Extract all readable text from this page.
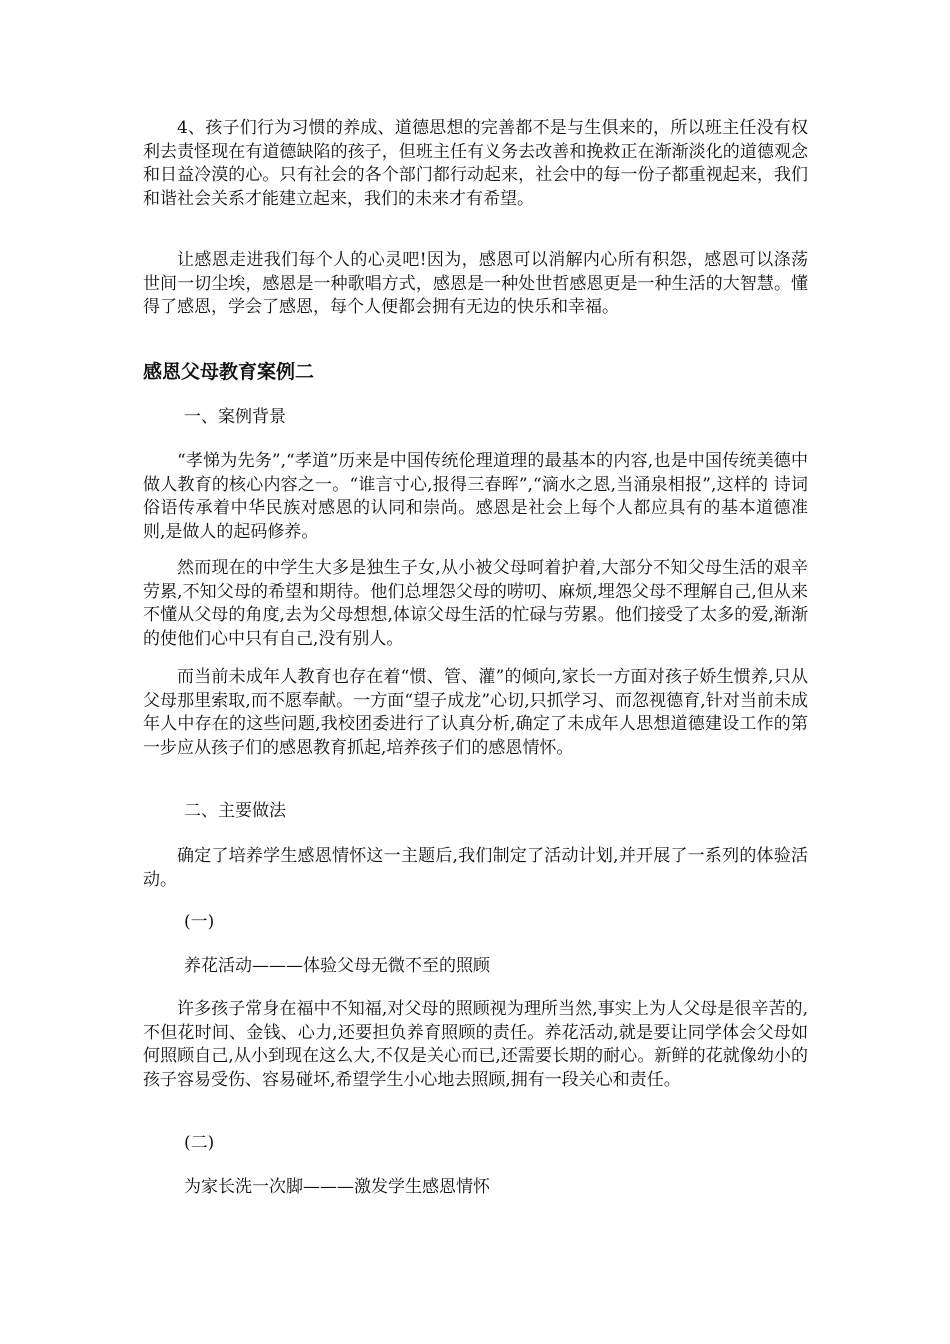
4、孩子们行为习惯的养成、道德思想的完善都不是与生俱来的，所以班主任没有权利去责怪现在有道德缺陷的孩子，但班主任有义务去改善和挽救正在渐渐淡化的道德观念和日益冷漠的心。只有社会的各个部门都行动起来，社会中的每一份子都重视起来，我们和谐社会关系才能建立起来，我们的未来才有希望。

让感恩走进我们每个人的心灵吧!因为，感恩可以消解内心所有积怨，感恩可以涤荡世间一切尘埃，感恩是一种歌唱方式，感恩是一种处世哲感恩更是一种生活的大智慧。懂得了感恩，学会了感恩，每个人便都会拥有无边的快乐和幸福。

感恩父母教育案例二

一、案例背景

“孝悌为先务”,“孝道”历来是中国传统伦理道理的最基本的内容,也是中国传统美德中做人教育的核心内容之一。“谁言寸心,报得三春晖”,“滴水之恩,当涌泉相报”,这样的 诗词 俗语传承着中华民族对感恩的认同和崇尚。感恩是社会上每个人都应具有的基本道德准则,是做人的起码修养。

然而现在的中学生大多是独生子女,从小被父母呵着护着,大部分不知父母生活的艰辛劳累,不知父母的希望和期待。他们总埋怨父母的唠叨、麻烦,埋怨父母不理解自己,但从来不懂从父母的角度,去为父母想想,体谅父母生活的忙碌与劳累。他们接受了太多的爱,渐渐的使他们心中只有自己,没有别人。

而当前未成年人教育也存在着“惯、管、灌”的倾向,家长一方面对孩子娇生惯养,只从父母那里索取,而不愿奉献。一方面“望子成龙”心切,只抓学习、而忽视德育,针对当前未成年人中存在的这些问题,我校团委进行了认真分析,确定了未成年人思想道德建设工作的第一步应从孩子们的感恩教育抓起,培养孩子们的感恩情怀。

二、主要做法

确定了培养学生感恩情怀这一主题后,我们制定了活动计划,并开展了一系列的体验活动。

(一)

养花活动———体验父母无微不至的照顾

许多孩子常身在福中不知福,对父母的照顾视为理所当然,事实上为人父母是很辛苦的,不但花时间、金钱、心力,还要担负养育照顾的责任。养花活动,就是要让同学体会父母如何照顾自己,从小到现在这么大,不仅是关心而已,还需要长期的耐心。新鲜的花就像幼小的孩子容易受伤、容易碰坏,希望学生小心地去照顾,拥有一段关心和责任。

(二)

为家长洗一次脚———激发学生感恩情怀
